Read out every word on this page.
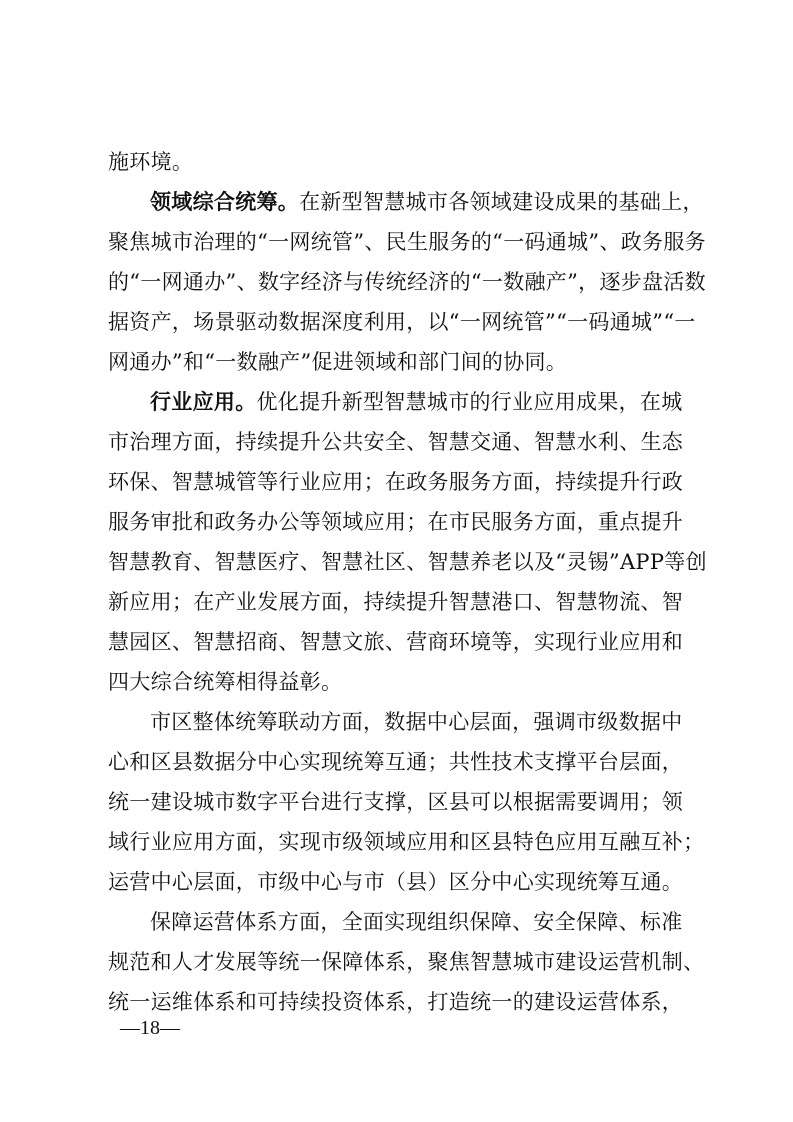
施环境。
领域综合统筹。在新型智慧城市各领域建设成果的基础上，
聚焦城市治理的“一网统管”、民生服务的“一码通城”、政务服务
的“一网通办”、数字经济与传统经济的“一数融产”，逐步盘活数
据资产，场景驱动数据深度利用，以“一网统管”“一码通城”“一
网通办”和“一数融产”促进领域和部门间的协同。
行业应用。优化提升新型智慧城市的行业应用成果，在城
市治理方面，持续提升公共安全、智慧交通、智慧水利、生态
环保、智慧城管等行业应用；在政务服务方面，持续提升行政
服务审批和政务办公等领域应用；在市民服务方面，重点提升
智慧教育、智慧医疗、智慧社区、智慧养老以及“灵锡”APP等创
新应用；在产业发展方面，持续提升智慧港口、智慧物流、智
慧园区、智慧招商、智慧文旅、营商环境等，实现行业应用和
四大综合统筹相得益彰。
市区整体统筹联动方面，数据中心层面，强调市级数据中
心和区县数据分中心实现统筹互通；共性技术支撑平台层面，
统一建设城市数字平台进行支撑，区县可以根据需要调用；领
域行业应用方面，实现市级领域应用和区县特色应用互融互补；
运营中心层面，市级中心与市（县）区分中心实现统筹互通。
保障运营体系方面，全面实现组织保障、安全保障、标准
规范和人才发展等统一保障体系，聚焦智慧城市建设运营机制、
统一运维体系和可持续投资体系，打造统一的建设运营体系，
—18—
